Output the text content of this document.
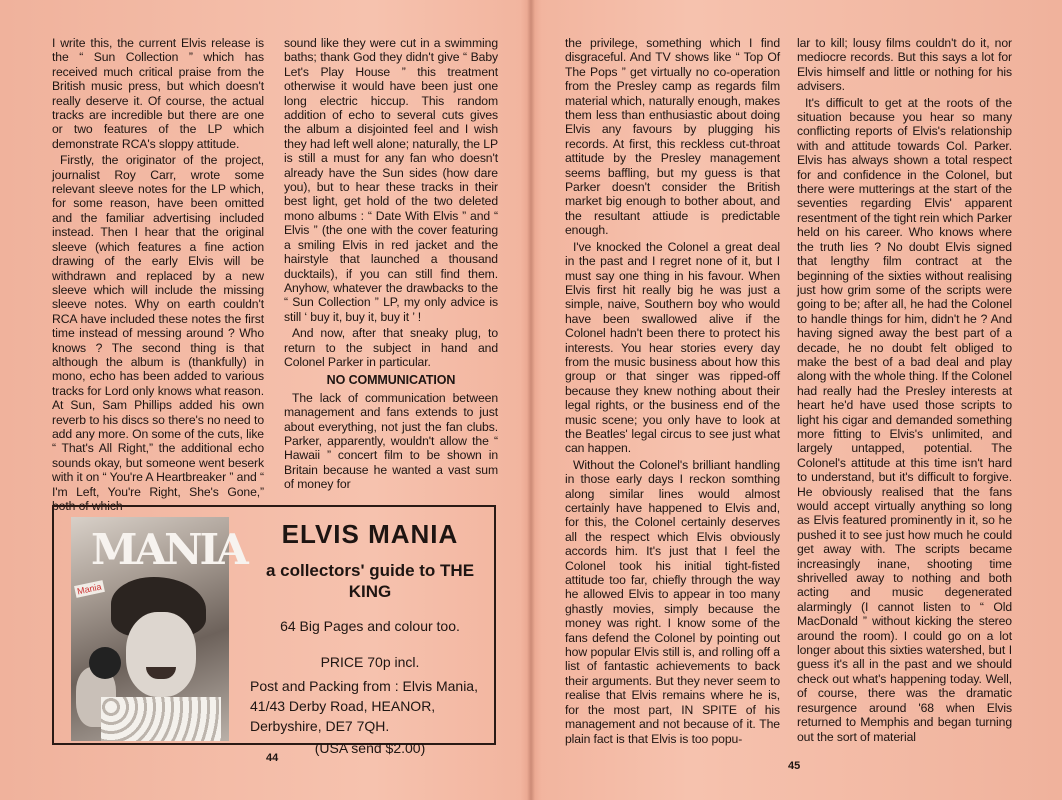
I write this, the current Elvis release is the “ Sun Collection ” which has received much critical praise from the British music press, but which doesn't really deserve it. Of course, the actual tracks are incredible but there are one or two features of the LP which demonstrate RCA's sloppy attitude.

Firstly, the originator of the project, journalist Roy Carr, wrote some relevant sleeve notes for the LP which, for some reason, have been omitted and the familiar advertising included instead. Then I hear that the original sleeve (which features a fine action drawing of the early Elvis will be withdrawn and replaced by a new sleeve which will include the missing sleeve notes. Why on earth couldn't RCA have included these notes the first time instead of messing around ? Who knows ? The second thing is that although the album is (thankfully) in mono, echo has been added to various tracks for Lord only knows what reason. At Sun, Sam Phillips added his own reverb to his discs so there's no need to add any more. On some of the cuts, like “ That's All Right,” the additional echo sounds okay, but someone went beserk with it on “ You're A Heartbreaker ” and “ I'm Left, You're Right, She's Gone,” both of which

sound like they were cut in a swimming baths; thank God they didn't give “ Baby Let's Play House ” this treatment otherwise it would have been just one long electric hiccup. This random addition of echo to several cuts gives the album a disjointed feel and I wish they had left well alone; naturally, the LP is still a must for any fan who doesn't already have the Sun sides (how dare you), but to hear these tracks in their best light, get hold of the two deleted mono albums : “ Date With Elvis ” and “ Elvis ” (the one with the cover featuring a smiling Elvis in red jacket and the hairstyle that launched a thousand ducktails), if you can still find them. Anyhow, whatever the drawbacks to the “ Sun Collection ” LP, my only advice is still ‘ buy it, buy it, buy it ’ !

And now, after that sneaky plug, to return to the subject in hand and Colonel Parker in particular.

NO COMMUNICATION

The lack of communication between management and fans extends to just about everything, not just the fan clubs. Parker, apparently, wouldn't allow the “ Hawaii ” concert film to be shown in Britain because he wanted a vast sum of money for

MANIA
Mania
ELVIS MANIA
a collectors' guide to THE KING
64 Big Pages and colour too.
PRICE 70p incl.
Post and Packing from : Elvis Mania, 41/43 Derby Road, HEANOR, Derbyshire, DE7 7QH.
(USA send $2.00)
44

the privilege, something which I find disgraceful. And TV shows like “ Top Of The Pops ” get virtually no co-operation from the Presley camp as regards film material which, naturally enough, makes them less than enthusiastic about doing Elvis any favours by plugging his records. At first, this reckless cut-throat attitude by the Presley management seems baffling, but my guess is that Parker doesn't consider the British market big enough to bother about, and the resultant attiude is predictable enough.

I've knocked the Colonel a great deal in the past and I regret none of it, but I must say one thing in his favour. When Elvis first hit really big he was just a simple, naive, Southern boy who would have been swallowed alive if the Colonel hadn't been there to protect his interests. You hear stories every day from the music business about how this group or that singer was ripped-off because they knew nothing about their legal rights, or the business end of the music scene; you only have to look at the Beatles' legal circus to see just what can happen.

Without the Colonel's brilliant handling in those early days I reckon somthing along similar lines would almost certainly have happened to Elvis and, for this, the Colonel certainly deserves all the respect which Elvis obviously accords him. It's just that I feel the Colonel took his initial tight-fisted attitude too far, chiefly through the way he allowed Elvis to appear in too many ghastly movies, simply because the money was right. I know some of the fans defend the Colonel by pointing out how popular Elvis still is, and rolling off a list of fantastic achievements to back their arguments. But they never seem to realise that Elvis remains where he is, for the most part, IN SPITE of his management and not because of it. The plain fact is that Elvis is too popu-

lar to kill; lousy films couldn't do it, nor mediocre records. But this says a lot for Elvis himself and little or nothing for his advisers.

It's difficult to get at the roots of the situation because you hear so many conflicting reports of Elvis's relationship with and attitude towards Col. Parker. Elvis has always shown a total respect for and confidence in the Colonel, but there were mutterings at the start of the seventies regarding Elvis' apparent resentment of the tight rein which Parker held on his career. Who knows where the truth lies ? No doubt Elvis signed that lengthy film contract at the beginning of the sixties without realising just how grim some of the scripts were going to be; after all, he had the Colonel to handle things for him, didn't he ? And having signed away the best part of a decade, he no doubt felt obliged to make the best of a bad deal and play along with the whole thing. If the Colonel had really had the Presley interests at heart he'd have used those scripts to light his cigar and demanded something more fitting to Elvis's unlimited, and largely untapped, potential. The Colonel's attitude at this time isn't hard to understand, but it's difficult to forgive. He obviously realised that the fans would accept virtually anything so long as Elvis featured prominently in it, so he pushed it to see just how much he could get away with. The scripts became increasingly inane, shooting time shrivelled away to nothing and both acting and music degenerated alarmingly (I cannot listen to “ Old MacDonald ” without kicking the stereo around the room). I could go on a lot longer about this sixties watershed, but I guess it's all in the past and we should check out what's happening today. Well, of course, there was the dramatic resurgence around '68 when Elvis returned to Memphis and began turning out the sort of material

45
